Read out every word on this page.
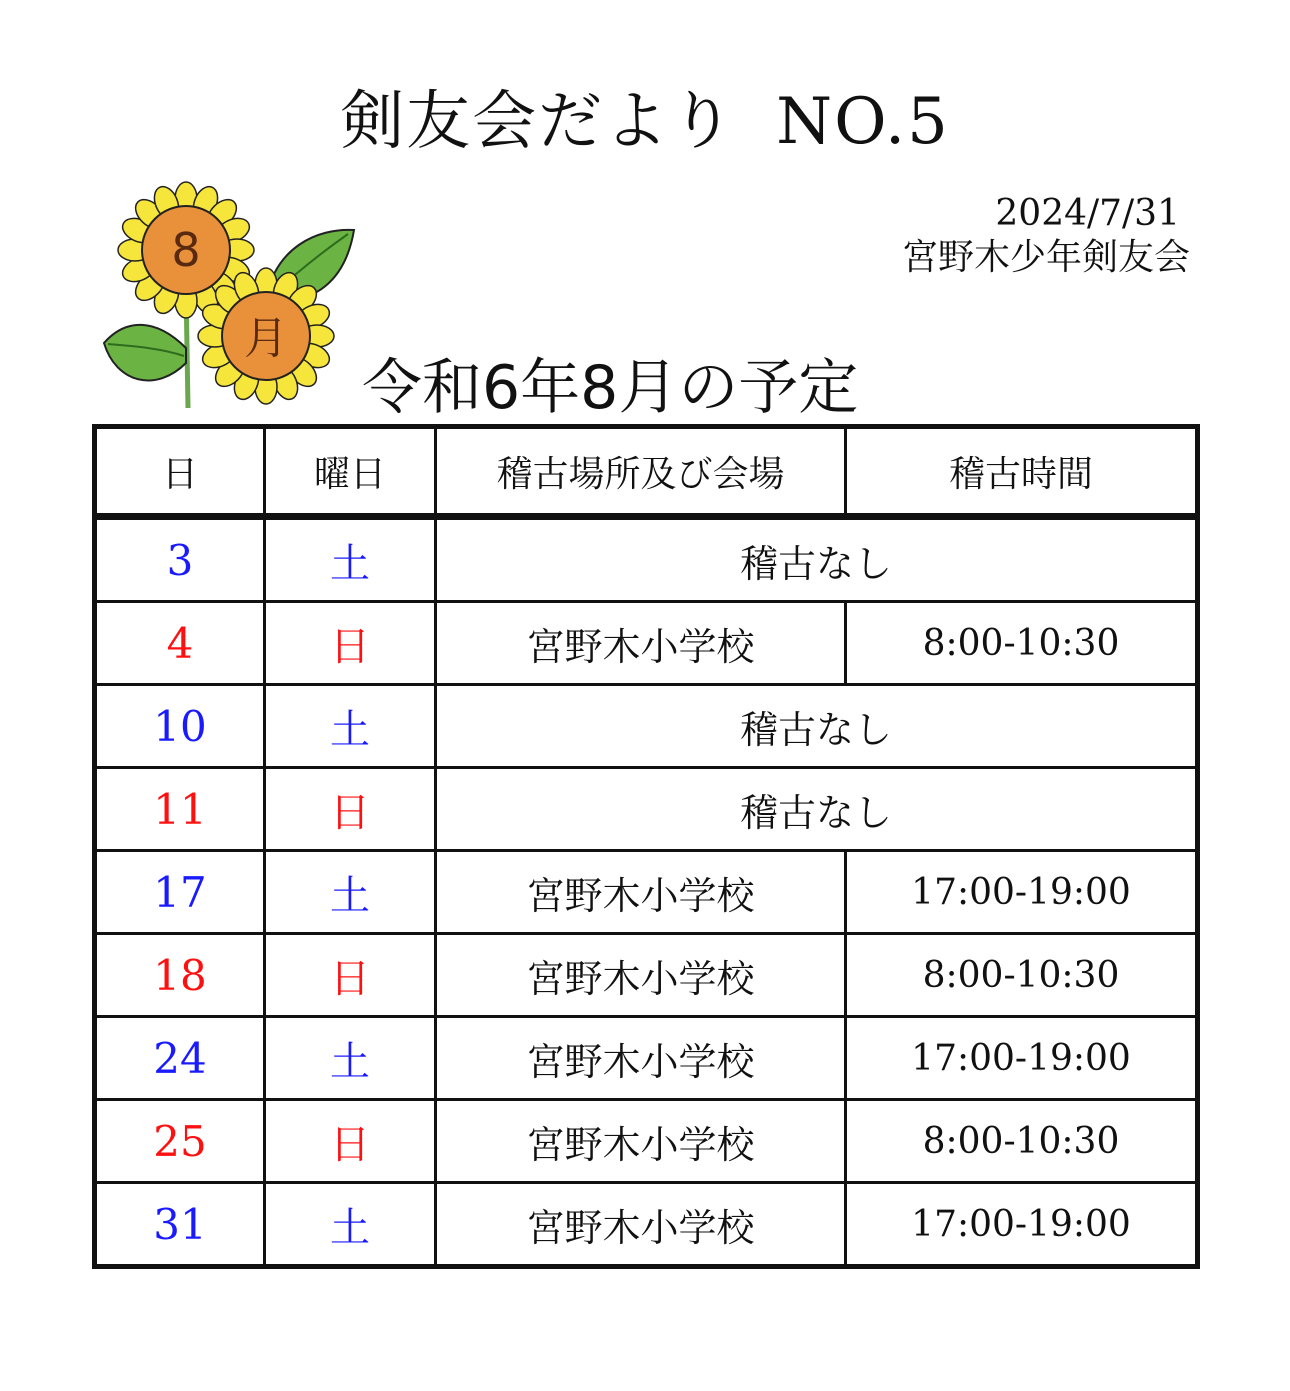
剣友会だより NO.5
2024/7/31
宮野木少年剣友会
8
月
令和6年8月の予定
日	曜日	稽古場所及び会場	稽古時間
3	土	稽古なし	
4	日	宮野木小学校	8:00-10:30
10	土	稽古なし	
11	日	稽古なし	
17	土	宮野木小学校	17:00-19:00
18	日	宮野木小学校	8:00-10:30
24	土	宮野木小学校	17:00-19:00
25	日	宮野木小学校	8:00-10:30
31	土	宮野木小学校	17:00-19:00
